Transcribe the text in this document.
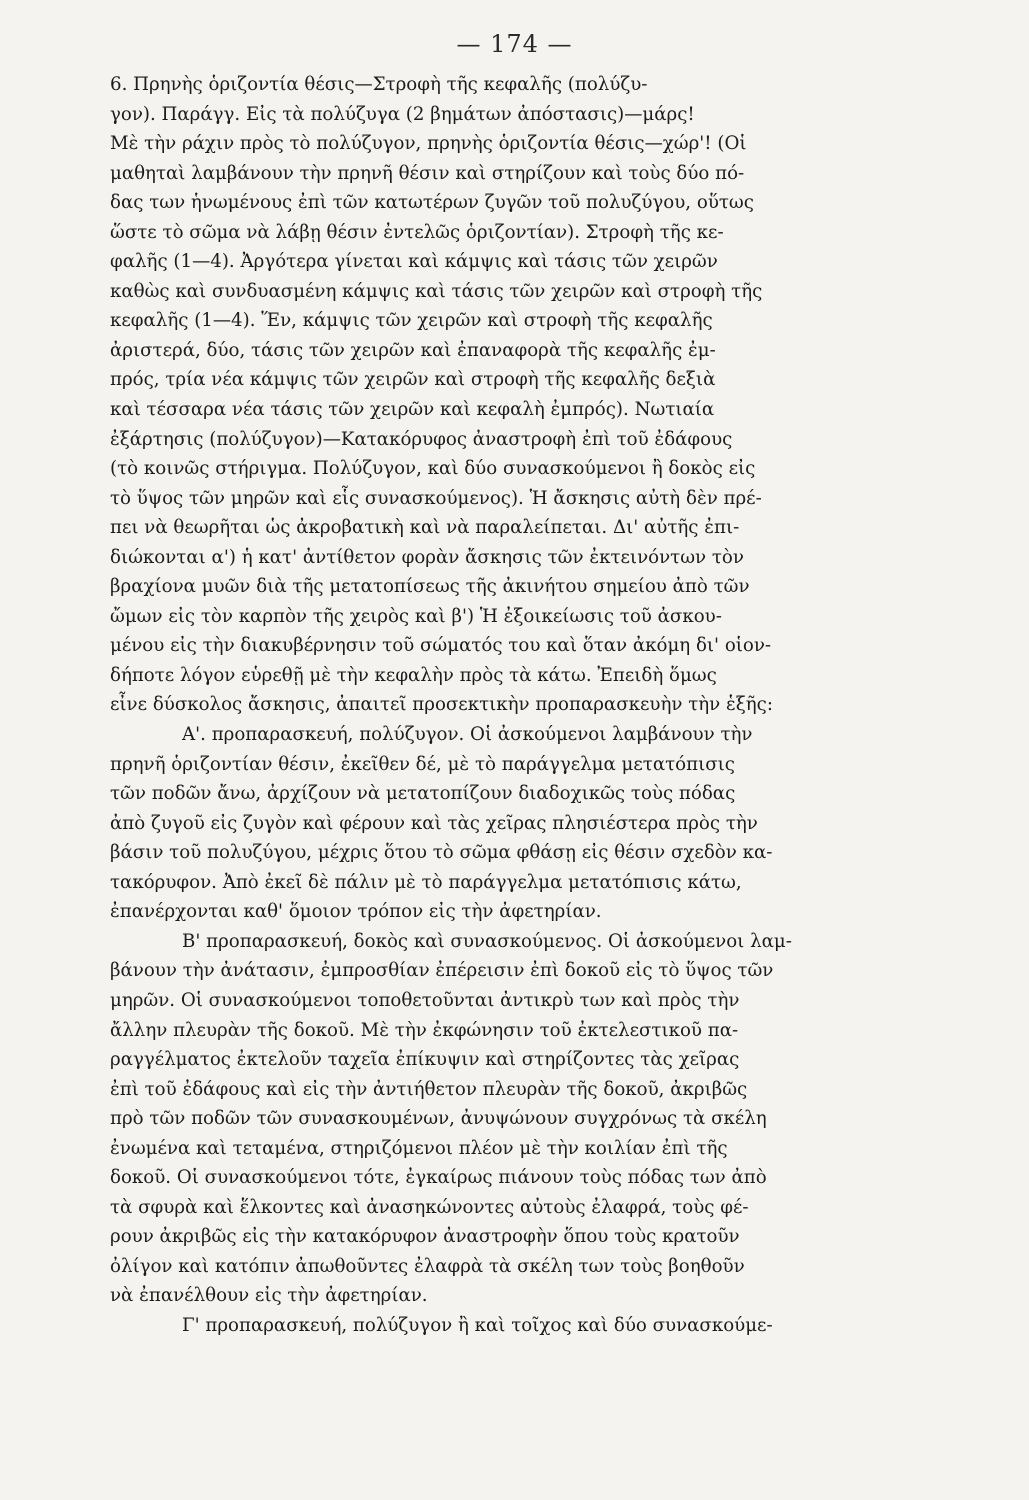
— 174 —
6. Πρηνὴς ὁριζοντία θέσις—Στροφὴ τῆς κεφαλῆς (πολύζυ-
γον). Παράγγ. Εἰς τὰ πολύζυγα (2 βημάτων ἀπόστασις)—μάρς!
Μὲ τὴν ράχιν πρὸς τὸ πολύζυγον, πρηνὴς ὁριζοντία θέσις—χώρ'! (Οἱ
μαθηταὶ λαμβάνουν τὴν πρηνῆ θέσιν καὶ στηρίζουν καὶ τοὺς δύο πό-
δας των ἡνωμένους ἐπὶ τῶν κατωτέρων ζυγῶν τοῦ πολυζύγου, οὕτως
ὥστε τὸ σῶμα νὰ λάβῃ θέσιν ἐντελῶς ὁριζοντίαν). Στροφὴ τῆς κε-
φαλῆς (1—4). Ἀργότερα γίνεται καὶ κάμψις καὶ τάσις τῶν χειρῶν
καθὼς καὶ συνδυασμένη κάμψις καὶ τάσις τῶν χειρῶν καὶ στροφὴ τῆς
κεφαλῆς (1—4). Ἕν, κάμψις τῶν χειρῶν καὶ στροφὴ τῆς κεφαλῆς
ἀριστερά, δύο, τάσις τῶν χειρῶν καὶ ἐπαναφορὰ τῆς κεφαλῆς ἐμ-
πρός, τρία νέα κάμψις τῶν χειρῶν καὶ στροφὴ τῆς κεφαλῆς δεξιὰ
καὶ τέσσαρα νέα τάσις τῶν χειρῶν καὶ κεφαλὴ ἐμπρός). Νωτιαία
ἐξάρτησις (πολύζυγον)—Κατακόρυφος ἀναστροφὴ ἐπὶ τοῦ ἐδάφους
(τὸ κοινῶς στήριγμα. Πολύζυγον, καὶ δύο συνασκούμενοι ἢ δοκὸς εἰς
τὸ ὕψος τῶν μηρῶν καὶ εἷς συνασκούμενος). Ἡ ἄσκησις αὐτὴ δὲν πρέ-
πει νὰ θεωρῆται ὡς ἀκροβατικὴ καὶ νὰ παραλείπεται. Δι' αὐτῆς ἐπι-
διώκονται α') ἡ κατ' ἀντίθετον φορὰν ἄσκησις τῶν ἐκτεινόντων τὸν
βραχίονα μυῶν διὰ τῆς μετατοπίσεως τῆς ἀκινήτου σημείου ἀπὸ τῶν
ὤμων εἰς τὸν καρπὸν τῆς χειρὸς καὶ β') Ἡ ἐξοικείωσις τοῦ ἀσκου-
μένου εἰς τὴν διακυβέρνησιν τοῦ σώματός του καὶ ὅταν ἀκόμη δι' οἱον-
δήποτε λόγον εὑρεθῇ μὲ τὴν κεφαλὴν πρὸς τὰ κάτω. Ἐπειδὴ ὅμως
εἶνε δύσκολος ἄσκησις, ἀπαιτεῖ προσεκτικὴν προπαρασκευὴν τὴν ἑξῆς:
Α'. προπαρασκευή, πολύζυγον. Οἱ ἀσκούμενοι λαμβάνουν τὴν
πρηνῆ ὁριζοντίαν θέσιν, ἐκεῖθεν δέ, μὲ τὸ παράγγελμα μετατόπισις
τῶν ποδῶν ἄνω, ἀρχίζουν νὰ μετατοπίζουν διαδοχικῶς τοὺς πόδας
ἀπὸ ζυγοῦ εἰς ζυγὸν καὶ φέρουν καὶ τὰς χεῖρας πλησιέστερα πρὸς τὴν
βάσιν τοῦ πολυζύγου, μέχρις ὅτου τὸ σῶμα φθάσῃ εἰς θέσιν σχεδὸν κα-
τακόρυφον. Ἀπὸ ἐκεῖ δὲ πάλιν μὲ τὸ παράγγελμα μετατόπισις κάτω,
ἐπανέρχονται καθ' ὅμοιον τρόπον εἰς τὴν ἀφετηρίαν.
Β' προπαρασκευή, δοκὸς καὶ συνασκούμενος. Οἱ ἀσκούμενοι λαμ-
βάνουν τὴν ἀνάτασιν, ἐμπροσθίαν ἐπέρεισιν ἐπὶ δοκοῦ εἰς τὸ ὕψος τῶν
μηρῶν. Οἱ συνασκούμενοι τοποθετοῦνται ἀντικρὺ των καὶ πρὸς τὴν
ἄλλην πλευρὰν τῆς δοκοῦ. Μὲ τὴν ἐκφώνησιν τοῦ ἐκτελεστικοῦ πα-
ραγγέλματος ἐκτελοῦν ταχεῖα ἐπίκυψιν καὶ στηρίζοντες τὰς χεῖρας
ἐπὶ τοῦ ἐδάφους καὶ εἰς τὴν ἀντιήθετον πλευρὰν τῆς δοκοῦ, ἀκριβῶς
πρὸ τῶν ποδῶν τῶν συνασκουμένων, ἀνυψώνουν συγχρόνως τὰ σκέλη
ἐνωμένα καὶ τεταμένα, στηριζόμενοι πλέον μὲ τὴν κοιλίαν ἐπὶ τῆς
δοκοῦ. Οἱ συνασκούμενοι τότε, ἐγκαίρως πιάνουν τοὺς πόδας των ἀπὸ
τὰ σφυρὰ καὶ ἕλκοντες καὶ ἀνασηκώνοντες αὐτοὺς ἐλαφρά, τοὺς φέ-
ρουν ἀκριβῶς εἰς τὴν κατακόρυφον ἀναστροφὴν ὅπου τοὺς κρατοῦν
ὀλίγον καὶ κατόπιν ἀπωθοῦντες ἐλαφρὰ τὰ σκέλη των τοὺς βοηθοῦν
νὰ ἐπανέλθουν εἰς τὴν ἀφετηρίαν.
Γ' προπαρασκευή, πολύζυγον ἢ καὶ τοῖχος καὶ δύο συνασκούμε-
